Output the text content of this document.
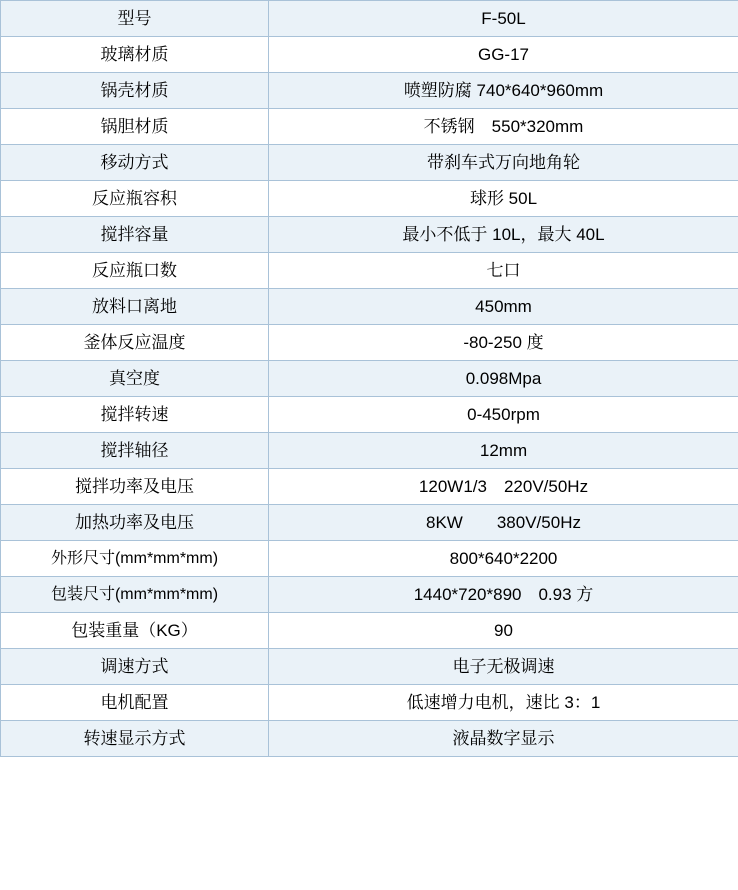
型号	F-50L
玻璃材质	GG-17
锅壳材质	喷塑防腐 740*640*960mm
锅胆材质	不锈钢　550*320mm
移动方式	带刹车式万向地角轮
反应瓶容积	球形 50L
搅拌容量	最小不低于 10L，最大 40L
反应瓶口数	七口
放料口离地	450mm
釜体反应温度	-80-250 度
真空度	0.098Mpa
搅拌转速	0-450rpm
搅拌轴径	12mm
搅拌功率及电压	120W1/3　220V/50Hz
加热功率及电压	8KW　　380V/50Hz
外形尺寸(mm*mm*mm)	800*640*2200
包装尺寸(mm*mm*mm)	1440*720*890　0.93 方
包装重量（KG）	90
调速方式	电子无极调速
电机配置	低速增力电机，速比 3：1
转速显示方式	液晶数字显示
